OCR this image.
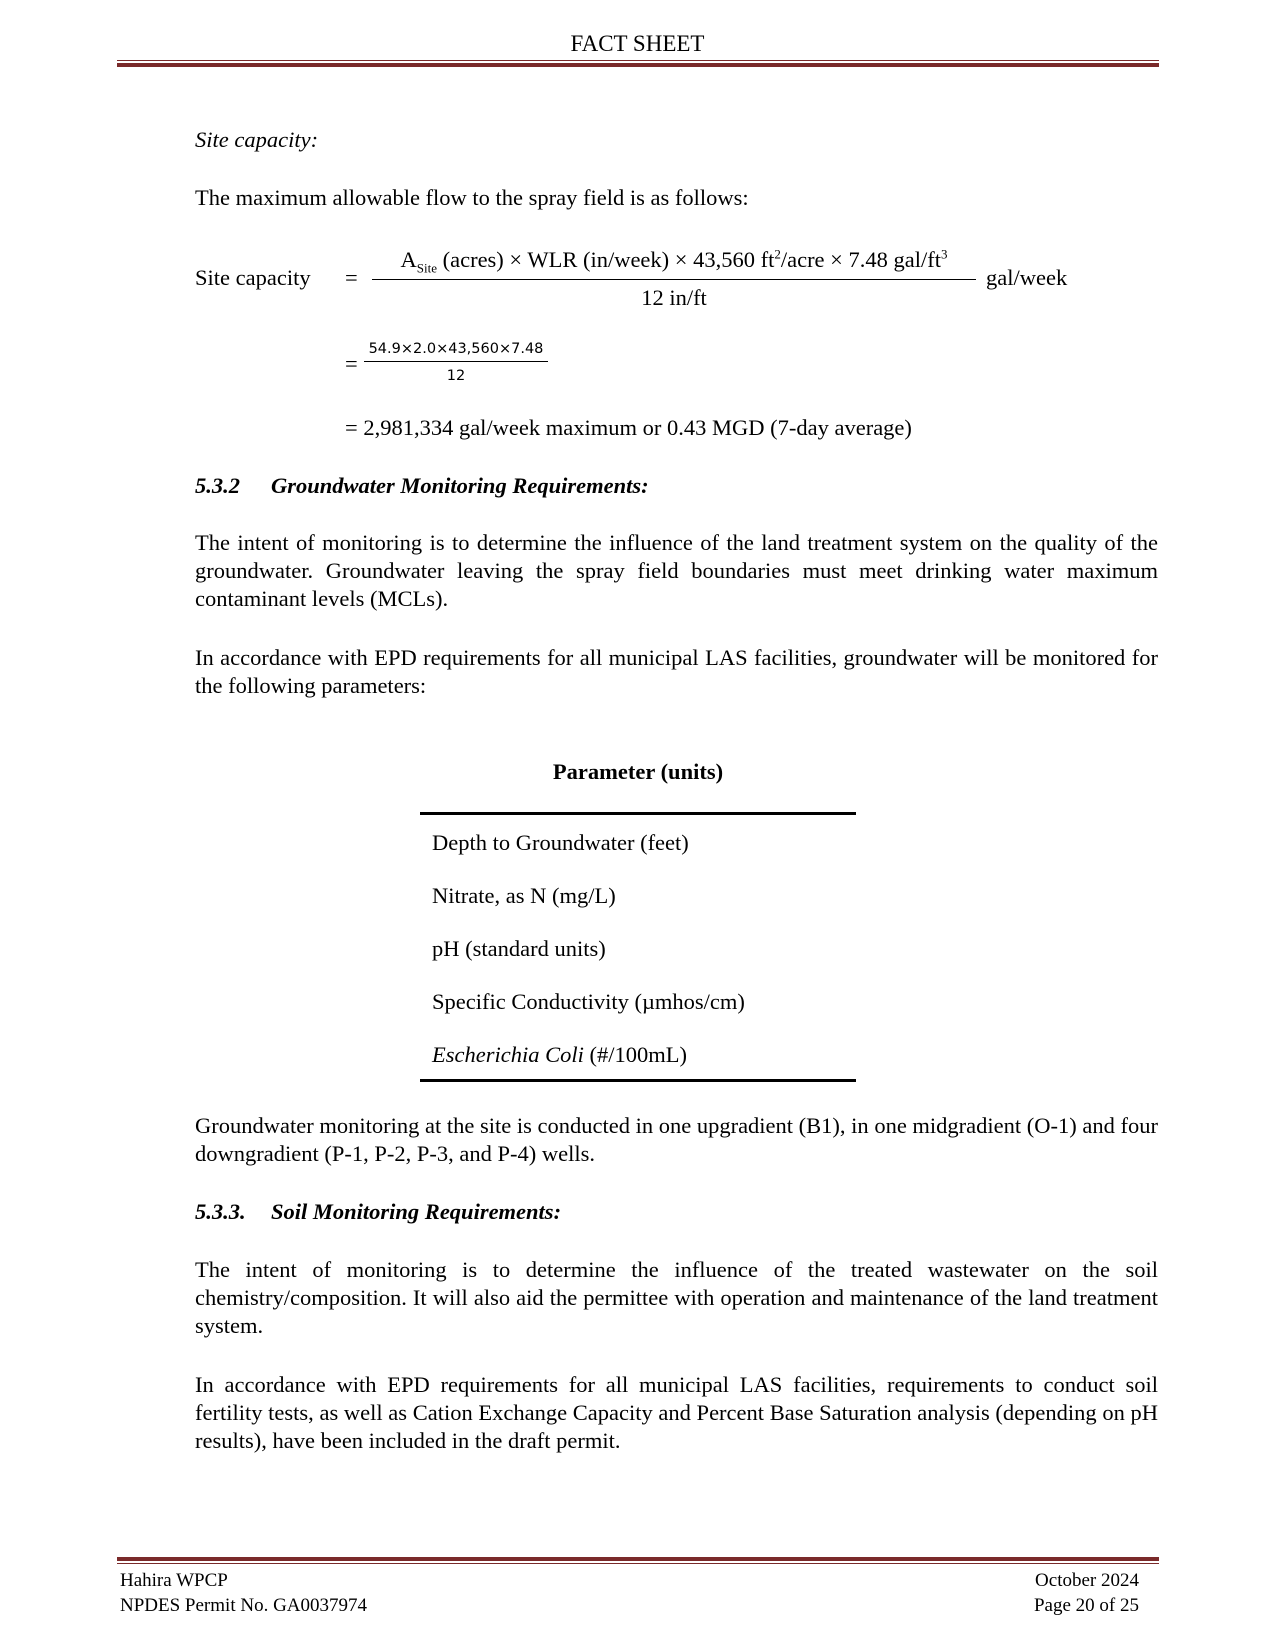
FACT SHEET
Site capacity:
The maximum allowable flow to the spray field is as follows:
Site capacity =
$A_{Site}$ (acres) × WLR (in/week) × 43,560 $ft^2$/acre × 7.48 gal/$ft^3$
12 in/ft
gal/week
=
54.9×2.0×43,560×7.48
12
= 2,981,334 gal/week maximum or 0.43 MGD (7-day average)
5.3.2 Groundwater Monitoring Requirements:
The intent of monitoring is to determine the influence of the land treatment system on the quality of the groundwater. Groundwater leaving the spray field boundaries must meet drinking water maximum contaminant levels (MCLs).
In accordance with EPD requirements for all municipal LAS facilities, groundwater will be monitored for the following parameters:
Parameter (units)
Depth to Groundwater (feet)
Nitrate, as N (mg/L)
pH (standard units)
Specific Conductivity (µmhos/cm)
Escherichia Coli (#/100mL)
Groundwater monitoring at the site is conducted in one upgradient (B1), in one midgradient (O-1) and four downgradient (P-1, P-2, P-3, and P-4) wells.
5.3.3. Soil Monitoring Requirements:
The intent of monitoring is to determine the influence of the treated wastewater on the soil chemistry/composition. It will also aid the permittee with operation and maintenance of the land treatment system.
In accordance with EPD requirements for all municipal LAS facilities, requirements to conduct soil fertility tests, as well as Cation Exchange Capacity and Percent Base Saturation analysis (depending on pH results), have been included in the draft permit.
Hahira WPCP
NPDES Permit No. GA0037974
October 2024
Page 20 of 25
